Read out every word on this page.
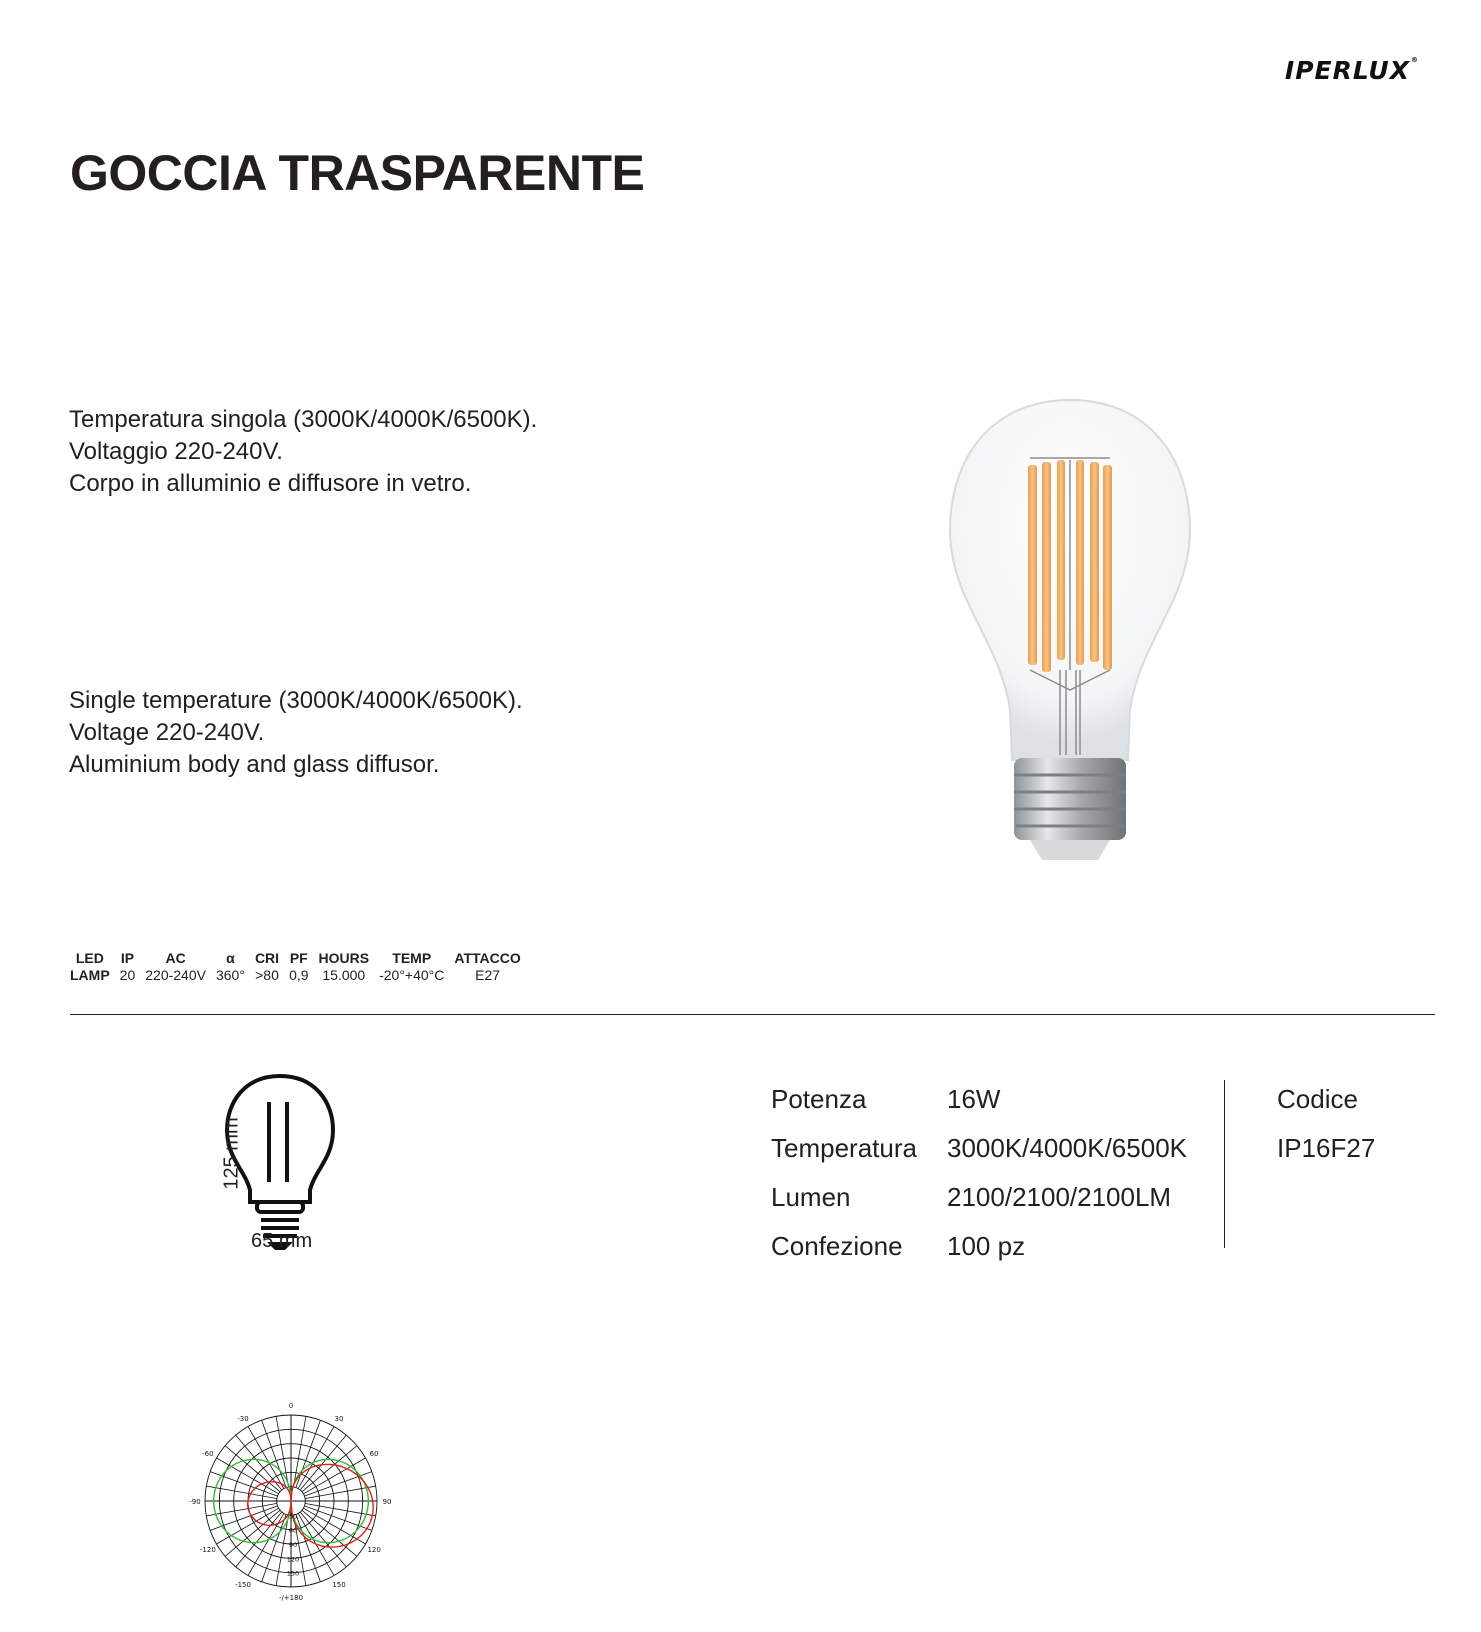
IPERLUX®
GOCCIA TRASPARENTE
Temperatura singola (3000K/4000K/6500K).
Voltaggio 220-240V.
Corpo in alluminio e diffusore in vetro.
Single temperature (3000K/4000K/6500K).
Voltage 220-240V.
Aluminium body and glass diffusor.
LED	IP	AC	α	CRI	PF	HOURS	TEMP	ATTACCO
LAMP	20	220-240V	360°	>80	0,9	15.000	-20°+40°C	E27
125 mm
65 mm
Potenza	16W
Temperatura	3000K/4000K/6500K
Lumen	2100/2100/2100LM
Confezione	100 pz
Codice
IP16F27
-/+180
150
120
90
60
30
0
-30
-60
-90
-120
-150
30
60
90
120
150
